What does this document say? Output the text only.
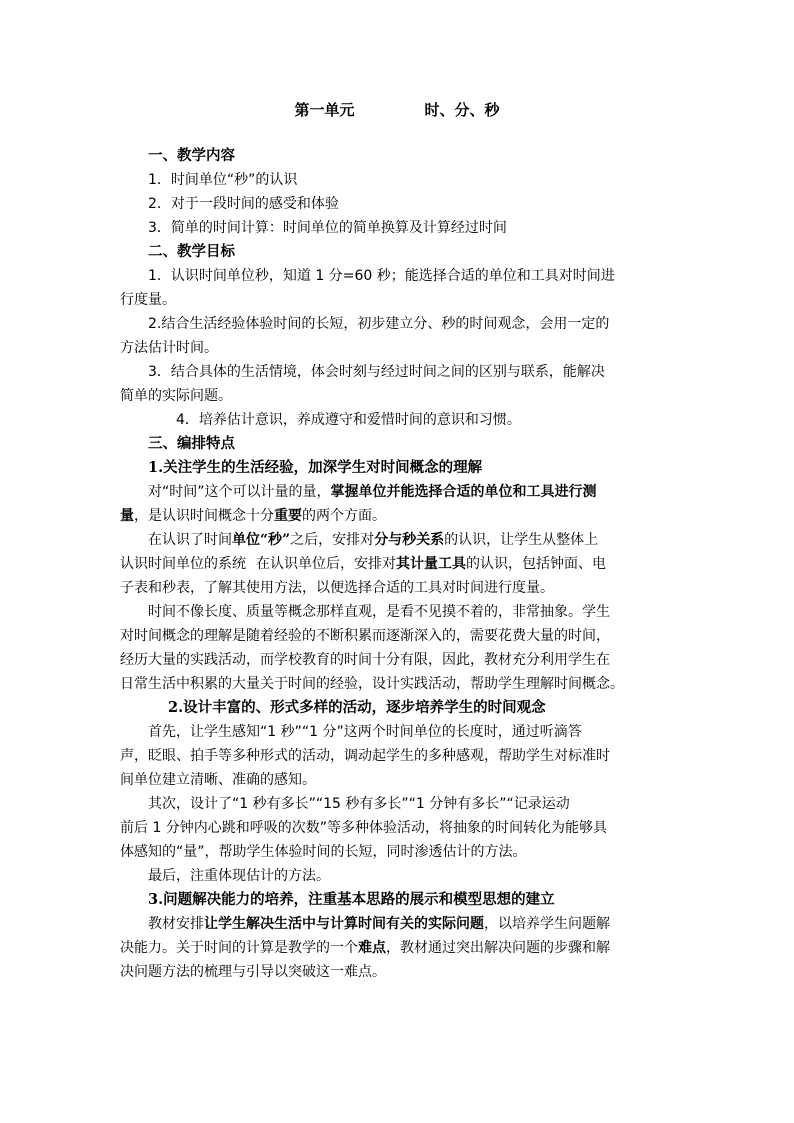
第一单元	时、分、秒
一、教学内容
1．时间单位“秒”的认识
2．对于一段时间的感受和体验
3．简单的时间计算：时间单位的简单换算及计算经过时间
二、教学目标
1．认识时间单位秒，知道 1 分=60 秒；能选择合适的单位和工具对时间进
行度量。
2.结合生活经验体验时间的长短，初步建立分、秒的时间观念，会用一定的
方法估计时间。
3．结合具体的生活情境，体会时刻与经过时间之间的区别与联系，能解决
简单的实际问题。
4．培养估计意识，养成遵守和爱惜时间的意识和习惯。
三、编排特点
1.关注学生的生活经验，加深学生对时间概念的理解
对“时间”这个可以计量的量，掌握单位并能选择合适的单位和工具进行测
量，是认识时间概念十分重要的两个方面。
在认识了时间单位“秒”之后，安排对分与秒关系的认识，让学生从整体上
认识时间单位的系统 在认识单位后，安排对其计量工具的认识，包括钟面、电
子表和秒表，了解其使用方法，以便选择合适的工具对时间进行度量。
时间不像长度、质量等概念那样直观，是看不见摸不着的，非常抽象。学生
对时间概念的理解是随着经验的不断积累而逐渐深入的，需要花费大量的时间，
经历大量的实践活动，而学校教育的时间十分有限，因此，教材充分利用学生在
日常生活中积累的大量关于时间的经验，设计实践活动，帮助学生理解时间概念。
2.设计丰富的、形式多样的活动，逐步培养学生的时间观念
首先，让学生感知“1 秒”“1 分”这两个时间单位的长度时，通过听滴答
声，眨眼、拍手等多种形式的活动，调动起学生的多种感观，帮助学生对标准时
间单位建立清晰、准确的感知。
其次，设计了“1 秒有多长”“15 秒有多长”“1 分钟有多长”“记录运动
前后 1 分钟内心跳和呼吸的次数”等多种体验活动，将抽象的时间转化为能够具
体感知的“量”，帮助学生体验时间的长短，同时渗透估计的方法。
最后，注重体现估计的方法。
3.问题解决能力的培养，注重基本思路的展示和模型思想的建立
教材安排让学生解决生活中与计算时间有关的实际问题，以培养学生问题解
决能力。关于时间的计算是教学的一个难点，教材通过突出解决问题的步骤和解
决问题方法的梳理与引导以突破这一难点。
